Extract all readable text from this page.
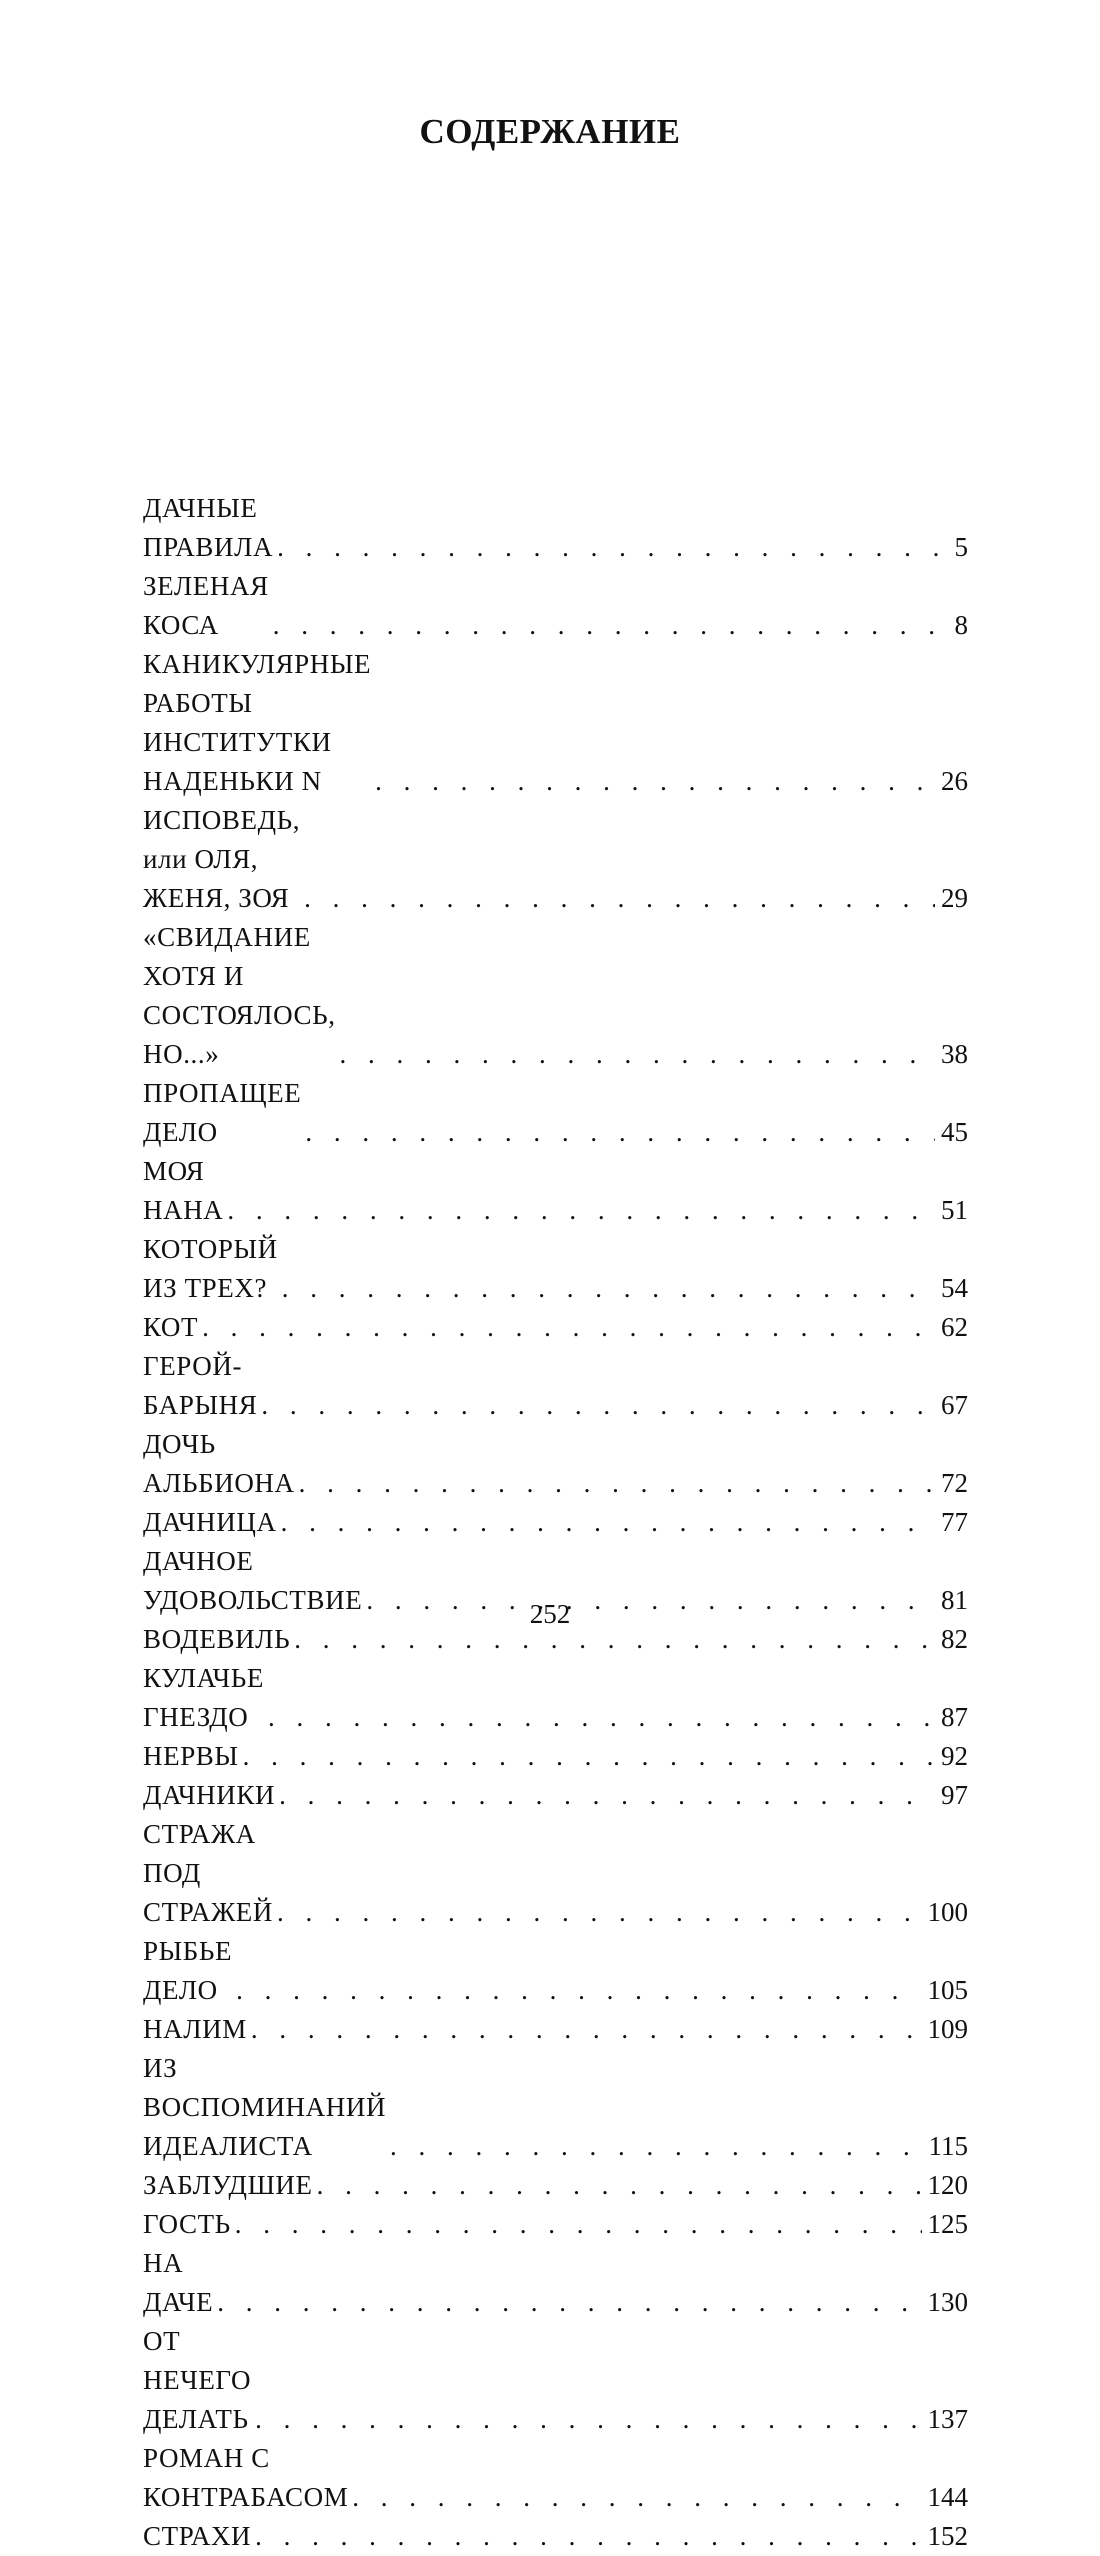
СОДЕРЖАНИЕ
ДАЧНЫЕ ПРАВИЛА . . .	5
ЗЕЛЕНАЯ КОСА . . .	8
КАНИКУЛЯРНЫЕ РАБОТЫ ИНСТИТУТКИ
НАДЕНЬКИ N . . .	26
ИСПОВЕДЬ, или ОЛЯ, ЖЕНЯ, ЗОЯ . . .	29
«СВИДАНИЕ ХОТЯ И СОСТОЯЛОСЬ, НО...» . . .	38
ПРОПАЩЕЕ ДЕЛО . . .	45
МОЯ НАНА . . .	51
КОТОРЫЙ ИЗ ТРЕХ? . . .	54
КОТ . . .	62
ГЕРОЙ-БАРЫНЯ . . .	67
ДОЧЬ АЛЬБИОНА . . .	72
ДАЧНИЦА . . .	77
ДАЧНОЕ УДОВОЛЬСТВИЕ . . .	81
ВОДЕВИЛЬ . . .	82
КУЛАЧЬЕ ГНЕЗДО . . .	87
НЕРВЫ . . .	92
ДАЧНИКИ . . .	97
СТРАЖА ПОД СТРАЖЕЙ . . .	100
РЫБЬЕ ДЕЛО . . .	105
НАЛИМ . . .	109
ИЗ ВОСПОМИНАНИЙ ИДЕАЛИСТА . . .	115
ЗАБЛУДШИЕ . . .	120
ГОСТЬ . . .	125
НА ДАЧЕ . . .	130
ОТ НЕЧЕГО ДЕЛАТЬ . . .	137
РОМАН С КОНТРАБАСОМ . . .	144
СТРАХИ . . .	152
252
